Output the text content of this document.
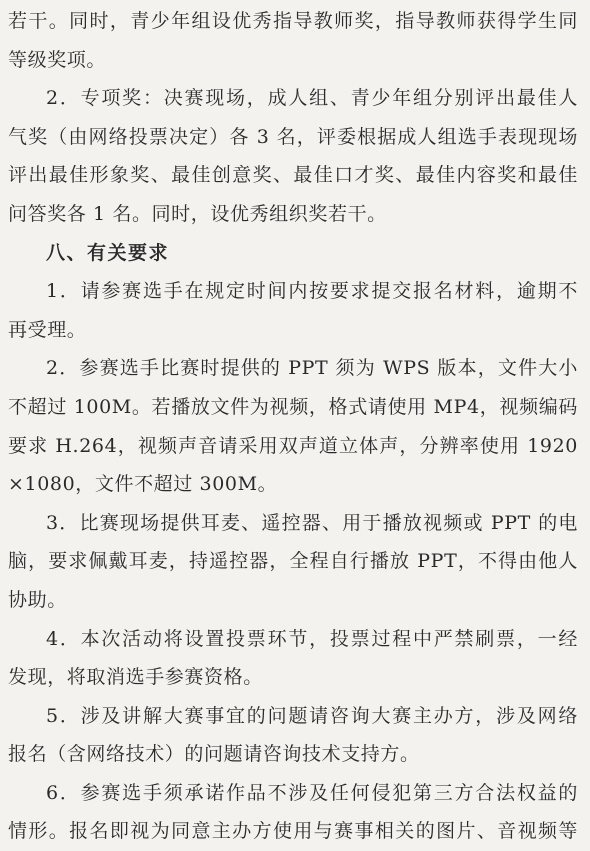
若干。同时，青少年组设优秀指导教师奖，指导教师获得学生同
等级奖项。
2．专项奖：决赛现场，成人组、青少年组分别评出最佳人
气奖（由网络投票决定）各 3 名，评委根据成人组选手表现现场
评出最佳形象奖、最佳创意奖、最佳口才奖、最佳内容奖和最佳
问答奖各 1 名。同时，设优秀组织奖若干。
八、有关要求
1．请参赛选手在规定时间内按要求提交报名材料，逾期不
再受理。
2．参赛选手比赛时提供的 PPT 须为 WPS 版本，文件大小
不超过 100M。若播放文件为视频，格式请使用 MP4，视频编码
要求 H.264，视频声音请采用双声道立体声，分辨率使用 1920
×1080，文件不超过 300M。
3．比赛现场提供耳麦、遥控器、用于播放视频或 PPT 的电
脑，要求佩戴耳麦，持遥控器，全程自行播放 PPT，不得由他人
协助。
4．本次活动将设置投票环节，投票过程中严禁刷票，一经
发现，将取消选手参赛资格。
5．涉及讲解大赛事宜的问题请咨询大赛主办方，涉及网络
报名（含网络技术）的问题请咨询技术支持方。
6．参赛选手须承诺作品不涉及任何侵犯第三方合法权益的
情形。报名即视为同意主办方使用与赛事相关的图片、音视频等
